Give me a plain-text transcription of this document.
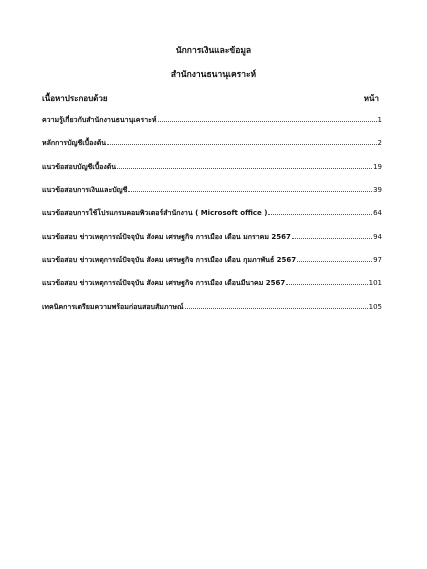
นักการเงินและข้อมูล
สำนักงานธนานุเคราะห์
เนื้อหาประกอบด้วย	หน้า
ความรู้เกี่ยวกับสำนักงานธนานุเคราะห์	1
หลักการบัญชีเบื้องต้น	2
แนวข้อสอบบัญชีเบื้องต้น	19
แนวข้อสอบการเงินและบัญชี	39
แนวข้อสอบการใช้โปรแกรมคอมพิวเตอร์สำนักงาน ( Microsoft office )	64
แนวข้อสอบ ข่าวเหตุการณ์ปัจจุบัน สังคม เศรษฐกิจ การเมือง เดือน มกราคม 2567	94
แนวข้อสอบ ข่าวเหตุการณ์ปัจจุบัน สังคม เศรษฐกิจ การเมือง เดือน กุมภาพันธ์ 2567	97
แนวข้อสอบ ข่าวเหตุการณ์ปัจจุบัน สังคม เศรษฐกิจ การเมือง เดือนมีนาคม 2567	101
เทคนิคการเตรียมความพร้อมก่อนสอบสัมภาษณ์	105
